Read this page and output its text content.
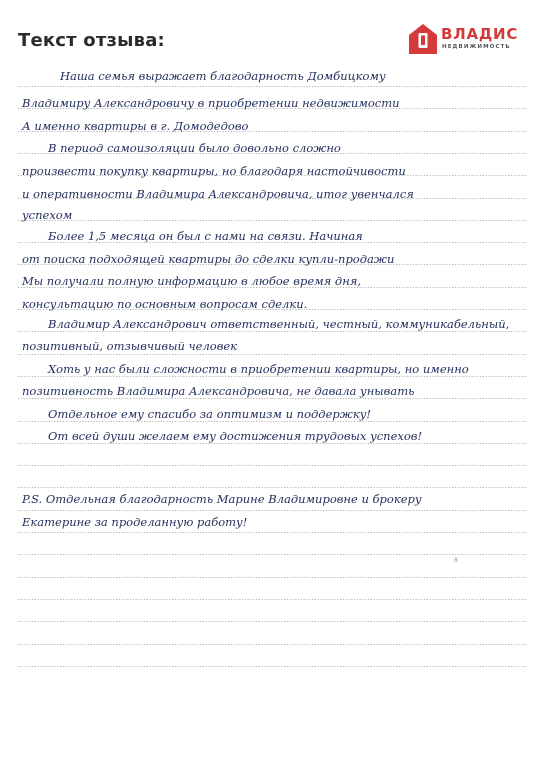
Текст отзыва:	ВЛАДИС
НЕДВИЖИМОСТЬ
Наша семья выражает благодарность Домбицкому
Владимиру Александровичу в приобретении недвижимости
А именно квартиры в г. Домодедово
В период самоизоляции было довольно сложно
произвести покупку квартиры, но благодаря настойчивости
и оперативности Владимира Александровича, итог увенчался
успехом
Более 1,5 месяца он был с нами на связи. Начиная
от поиска подходящей квартиры до сделки купли-продажи
Мы получали полную информацию в любое время дня,
консультацию по основным вопросам сделки.
Владимир Александрович ответственный, честный, коммуникабельный,
позитивный, отзывчивый человек
Хоть у нас были сложности в приобретении квартиры, но именно
позитивность Владимира Александровича, не давала унывать
Отдельное ему спасибо за оптимизм и поддержку!
От всей души желаем ему достижения трудовых успехов!
P.S. Отдельная благодарность Марине Владимировне и брокеру
Екатерине за проделанную работу!
8
